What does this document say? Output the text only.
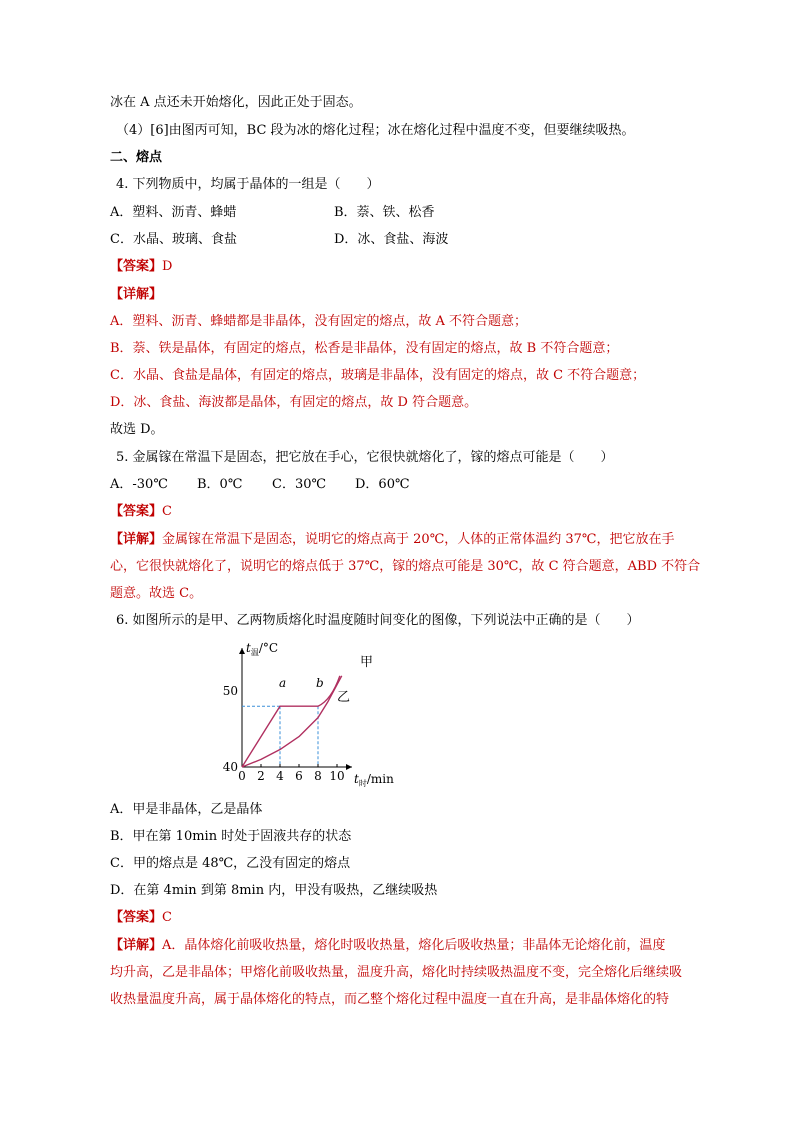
冰在 A 点还未开始熔化，因此正处于固态。
（4）[6]由图丙可知，BC 段为冰的熔化过程；冰在熔化过程中温度不变，但要继续吸热。
二、熔点
4. 下列物质中，均属于晶体的一组是（　　）
A．塑料、沥青、蜂蜡	B．萘、铁、松香
C．水晶、玻璃、食盐	D．冰、食盐、海波
【答案】D
【详解】
A．塑料、沥青、蜂蜡都是非晶体，没有固定的熔点，故 A 不符合题意；
B．萘、铁是晶体，有固定的熔点，松香是非晶体，没有固定的熔点，故 B 不符合题意；
C．水晶、食盐是晶体，有固定的熔点，玻璃是非晶体，没有固定的熔点，故 C 不符合题意；
D．冰、食盐、海波都是晶体，有固定的熔点，故 D 符合题意。
故选 D。
5. 金属镓在常温下是固态，把它放在手心，它很快就熔化了，镓的熔点可能是（　　）
A．-30℃ B．0℃ C．30℃ D．60℃
【答案】C
【详解】金属镓在常温下是固态，说明它的熔点高于 20℃，人体的正常体温约 37℃，把它放在手
心，它很快就熔化了，说明它的熔点低于 37℃，镓的熔点可能是 30℃，故 C 符合题意，ABD 不符合
题意。故选 C。
6. 如图所示的是甲、乙两物质熔化时温度随时间变化的图像，下列说法中正确的是（　　）
0 2 4 6 8 10
50
40
$t_温/^\circ C$
$t_时/\min$
甲
乙
a b
A．甲是非晶体，乙是晶体
B．甲在第 10min 时处于固液共存的状态
C．甲的熔点是 48℃，乙没有固定的熔点
D．在第 4min 到第 8min 内，甲没有吸热，乙继续吸热
【答案】C
【详解】A．晶体熔化前吸收热量，熔化时吸收热量，熔化后吸收热量；非晶体无论熔化前，温度
均升高，乙是非晶体；甲熔化前吸收热量，温度升高，熔化时持续吸热温度不变，完全熔化后继续吸
收热量温度升高，属于晶体熔化的特点，而乙整个熔化过程中温度一直在升高，是非晶体熔化的特
